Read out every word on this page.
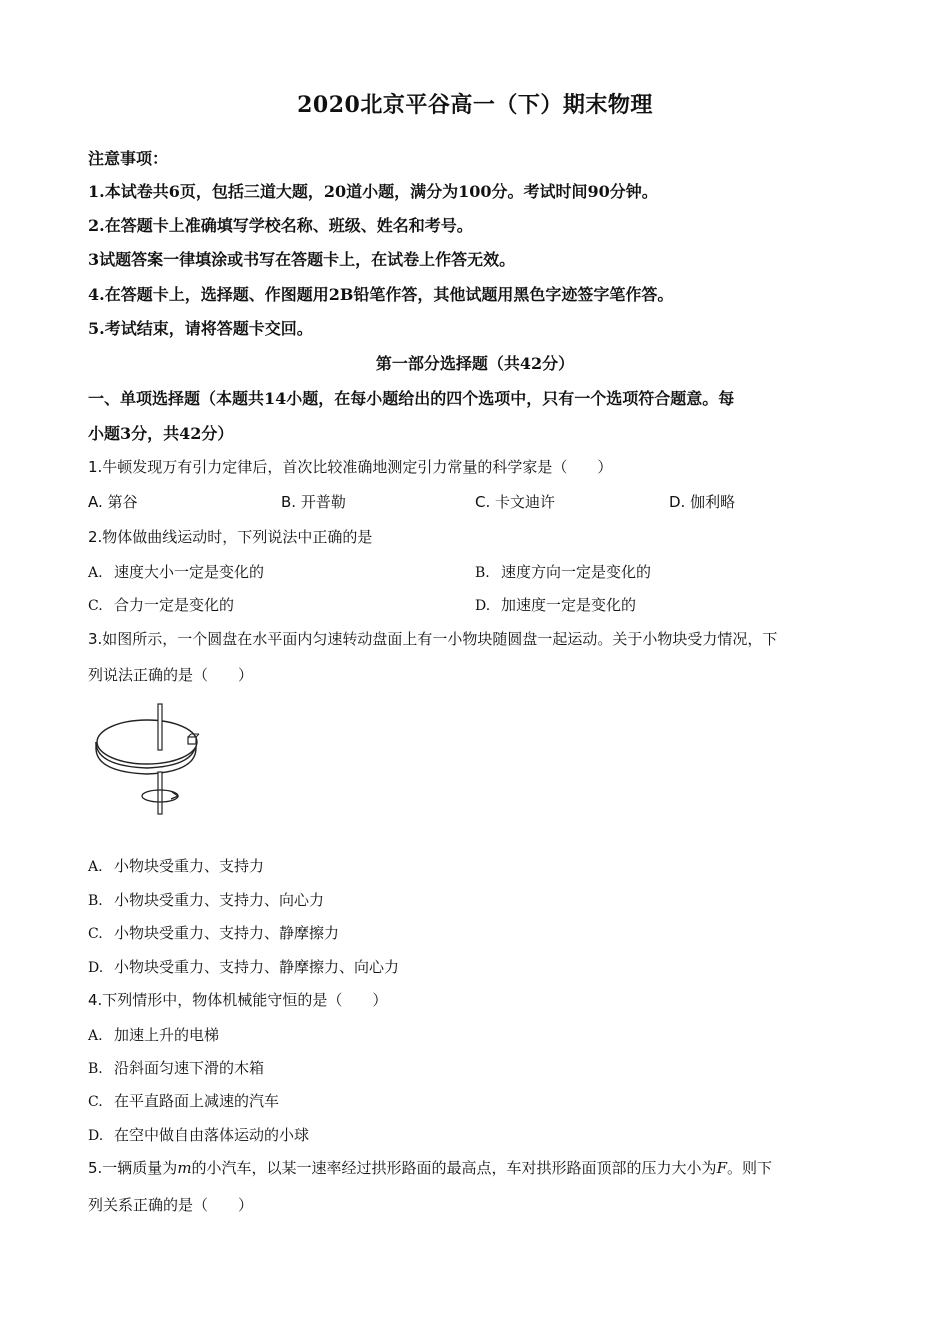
2020北京平谷高一（下）期末物理
注意事项：
1.本试卷共6页，包括三道大题，20道小题，满分为100分。考试时间90分钟。
2.在答题卡上准确填写学校名称、班级、姓名和考号。
3试题答案一律填涂或书写在答题卡上，在试卷上作答无效。
4.在答题卡上，选择题、作图题用2B铅笔作答，其他试题用黑色字迹签字笔作答。
5.考试结束，请将答题卡交回。
第一部分选择题（共42分）
一、单项选择题（本题共14小题，在每小题给出的四个选项中，只有一个选项符合题意。每
小题3分，共42分）
1.牛顿发现万有引力定律后，首次比较准确地测定引力常量的科学家是（　　）
A. 第谷	B. 开普勒	C. 卡文迪许	D. 伽利略
2.物体做曲线运动时，下列说法中正确的是
A. 速度大小一定是变化的	B. 速度方向一定是变化的
C. 合力一定是变化的	D. 加速度一定是变化的
3.如图所示，一个圆盘在水平面内匀速转动盘面上有一小物块随圆盘一起运动。关于小物块受力情况，下
列说法正确的是（　　）
A. 小物块受重力、支持力
B. 小物块受重力、支持力、向心力
C. 小物块受重力、支持力、静摩擦力
D. 小物块受重力、支持力、静摩擦力、向心力
4.下列情形中，物体机械能守恒的是（　　）
A. 加速上升的电梯
B. 沿斜面匀速下滑的木箱
C. 在平直路面上减速的汽车
D. 在空中做自由落体运动的小球
5.一辆质量为m的小汽车，以某一速率经过拱形路面的最高点，车对拱形路面顶部的压力大小为F。则下
列关系正确的是（　　）
